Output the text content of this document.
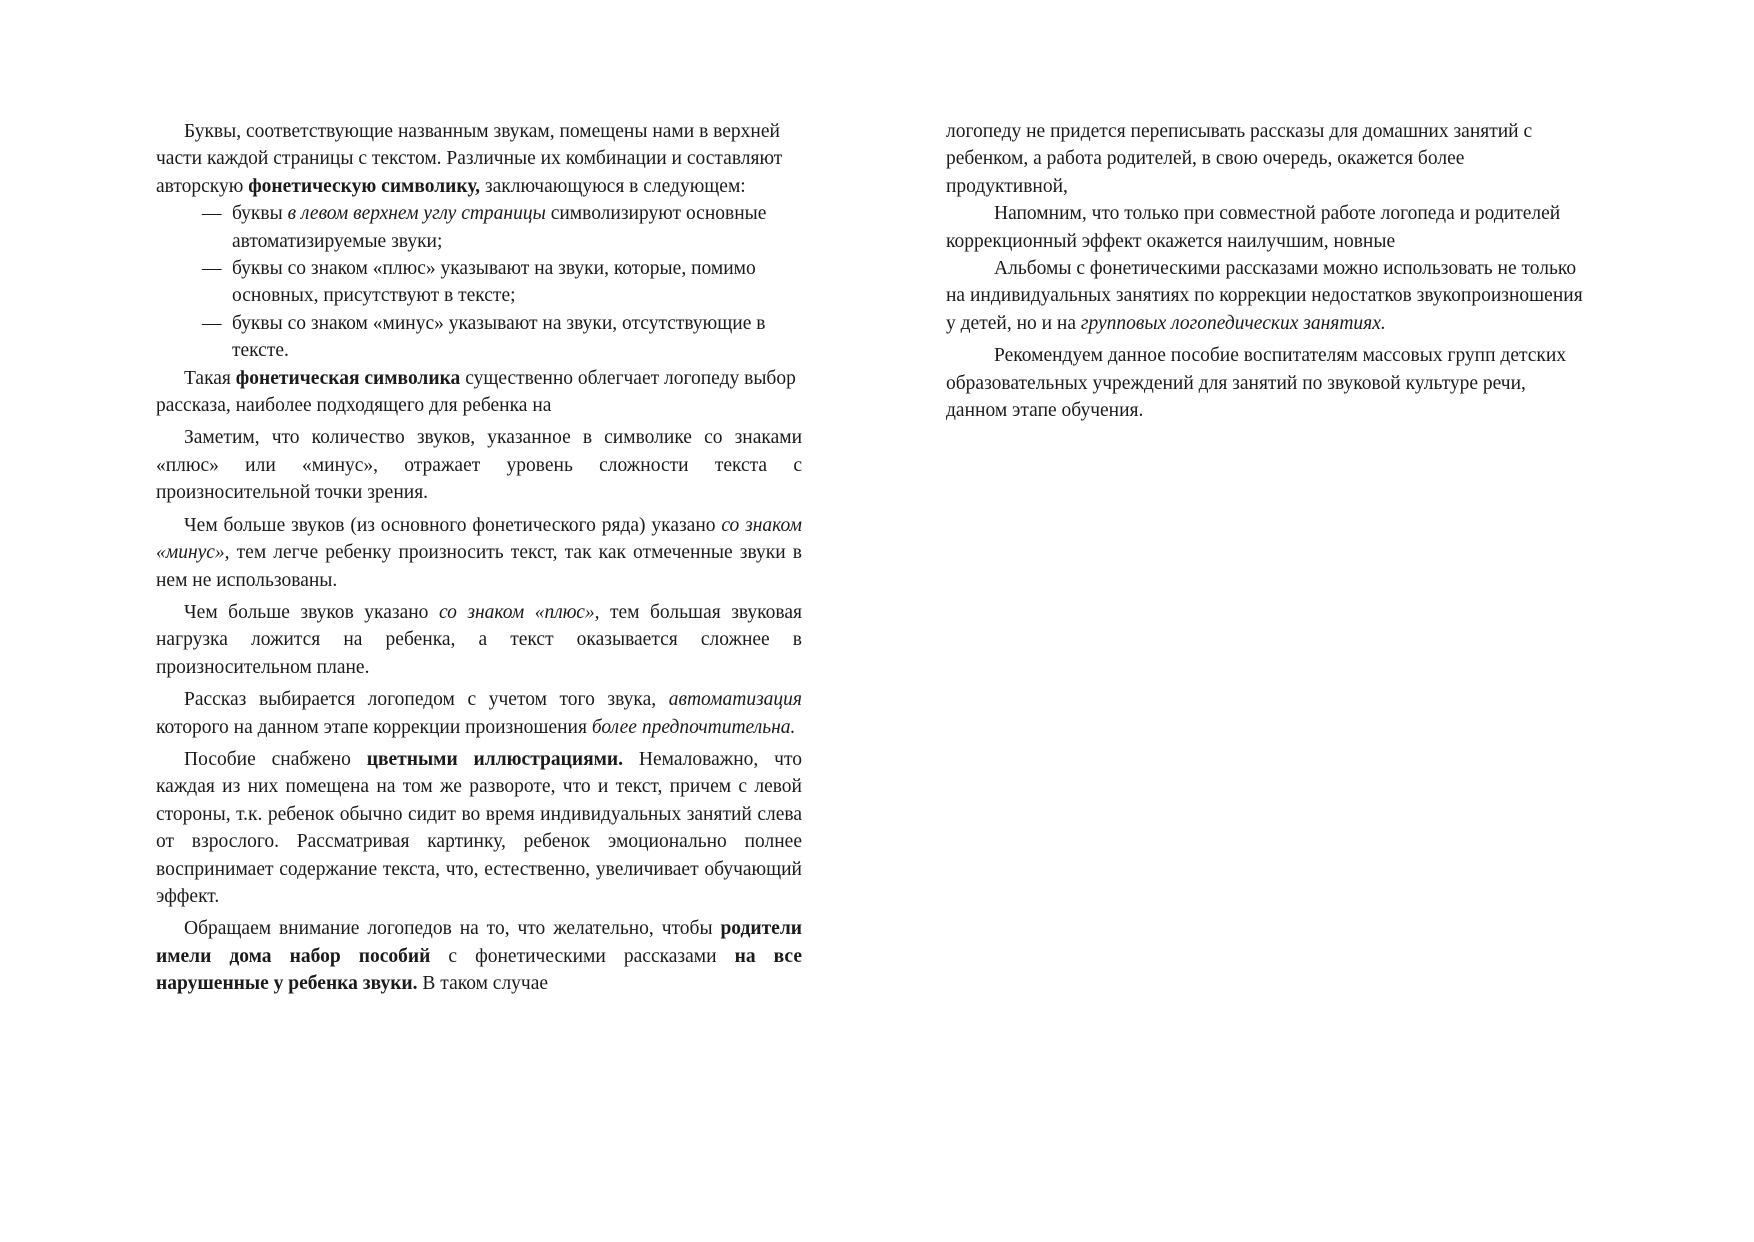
Буквы, соответствующие названным звукам, помещены нами в верхней части каждой страницы с текстом. Различные их комбинации и составляют авторскую фонетическую символику, заключающуюся в следующем:

— буквы в левом верхнем углу страницы символизируют основные автоматизируемые звуки;
— буквы со знаком «плюс» указывают на звуки, которые, помимо основных, присутствуют в тексте;
— буквы со знаком «минус» указывают на звуки, отсутствующие в тексте.

Такая фонетическая символика существенно облегчает логопеду выбор рассказа, наиболее подходящего для ребенка на

Заметим, что количество звуков, указанное в символике со знаками «плюс» или «минус», отражает уровень сложности текста с произносительной точки зрения.

Чем больше звуков (из основного фонетического ряда) указано со знаком «минус», тем легче ребенку произносить текст, так как отмеченные звуки в нем не использованы.

Чем больше звуков указано со знаком «плюс», тем большая звуковая нагрузка ложится на ребенка, а текст оказывается сложнее в произносительном плане.

Рассказ выбирается логопедом с учетом того звука, автоматизация которого на данном этапе коррекции произношения более предпочтительна.

Пособие снабжено цветными иллюстрациями. Немаловажно, что каждая из них помещена на том же развороте, что и текст, причем с левой стороны, т.к. ребенок обычно сидит во время индивидуальных занятий слева от взрослого. Рассматривая картинку, ребенок эмоционально полнее воспринимает содержание текста, что, естественно, увеличивает обучающий эффект.

Обращаем внимание логопедов на то, что желательно, чтобы родители имели дома набор пособий с фонетическими рассказами на все нарушенные у ребенка звуки. В таком случае

логопеду не придется переписывать рассказы для домашних занятий с ребенком, а работа родителей, в свою очередь, окажется более продуктивной,

Напомним, что только при совместной работе логопеда и родителей коррекционный эффект окажется наилучшим, новные

Альбомы с фонетическими рассказами можно использовать не только на индивидуальных занятиях по коррекции недостатков звукопроизношения у детей, но и на групповых логопедических занятиях.

Рекомендуем данное пособие воспитателям массовых групп детских образовательных учреждений для занятий по звуковой культуре речи, данном этапе обучения.
